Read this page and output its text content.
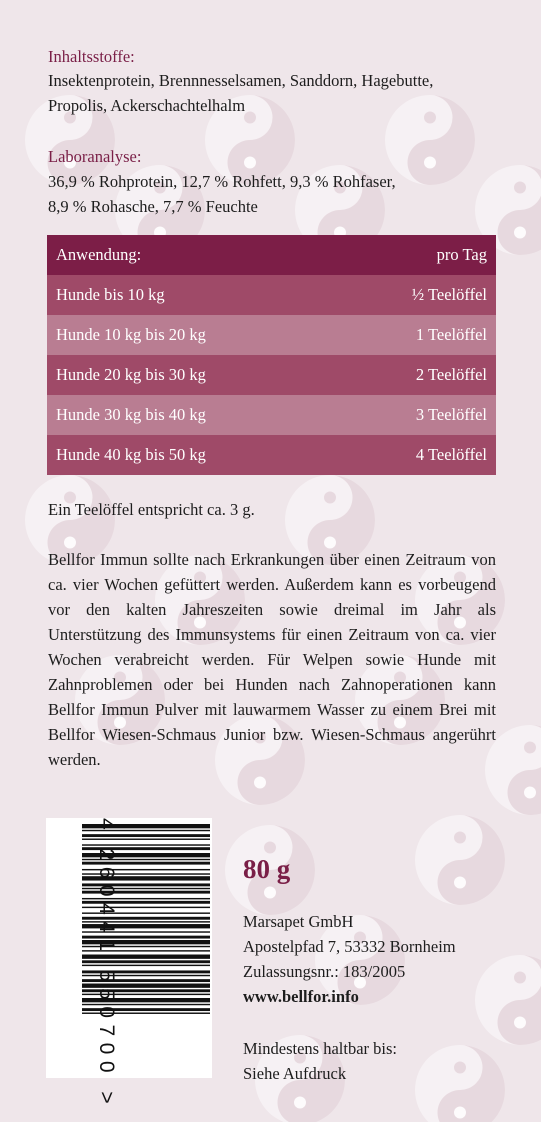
Inhaltsstoffe:
Insektenprotein, Brennnesselsamen, Sanddorn, Hagebutte,
Propolis, Ackerschachtelhalm
Laboranalyse:
36,9 % Rohprotein, 12,7 % Rohfett, 9,3 % Rohfaser,
8,9 % Rohasche, 7,7 % Feuchte
Anwendung:	pro Tag
Hunde bis 10 kg	½ Teelöffel
Hunde 10 kg bis 20 kg	1 Teelöffel
Hunde 20 kg bis 30 kg	2 Teelöffel
Hunde 30 kg bis 40 kg	3 Teelöffel
Hunde 40 kg bis 50 kg	4 Teelöffel
Ein Teelöffel entspricht ca. 3 g.
Bellfor Immun sollte nach Erkrankungen über einen Zeitraum von ca. vier Wochen gefüttert werden. Außerdem kann es vorbeugend vor den kalten Jahreszeiten sowie dreimal im Jahr als Unterstützung des Immunsystems für einen Zeitraum von ca. vier Wochen verabreicht werden. Für Welpen sowie Hunde mit Zahnproblemen oder bei Hunden nach Zahnoperationen kann Bellfor Immun Pulver mit lauwarmem Wasser zu einem Brei mit Bellfor Wiesen-Schmaus Junior bzw. Wiesen-Schmaus angerührt werden.
4 260441 550700 >	80 g
Marsapet GmbH
Apostelpfad 7, 53332 Bornheim
Zulassungsnr.: 183/2005
www.bellfor.info
Mindestens haltbar bis:
Siehe Aufdruck
